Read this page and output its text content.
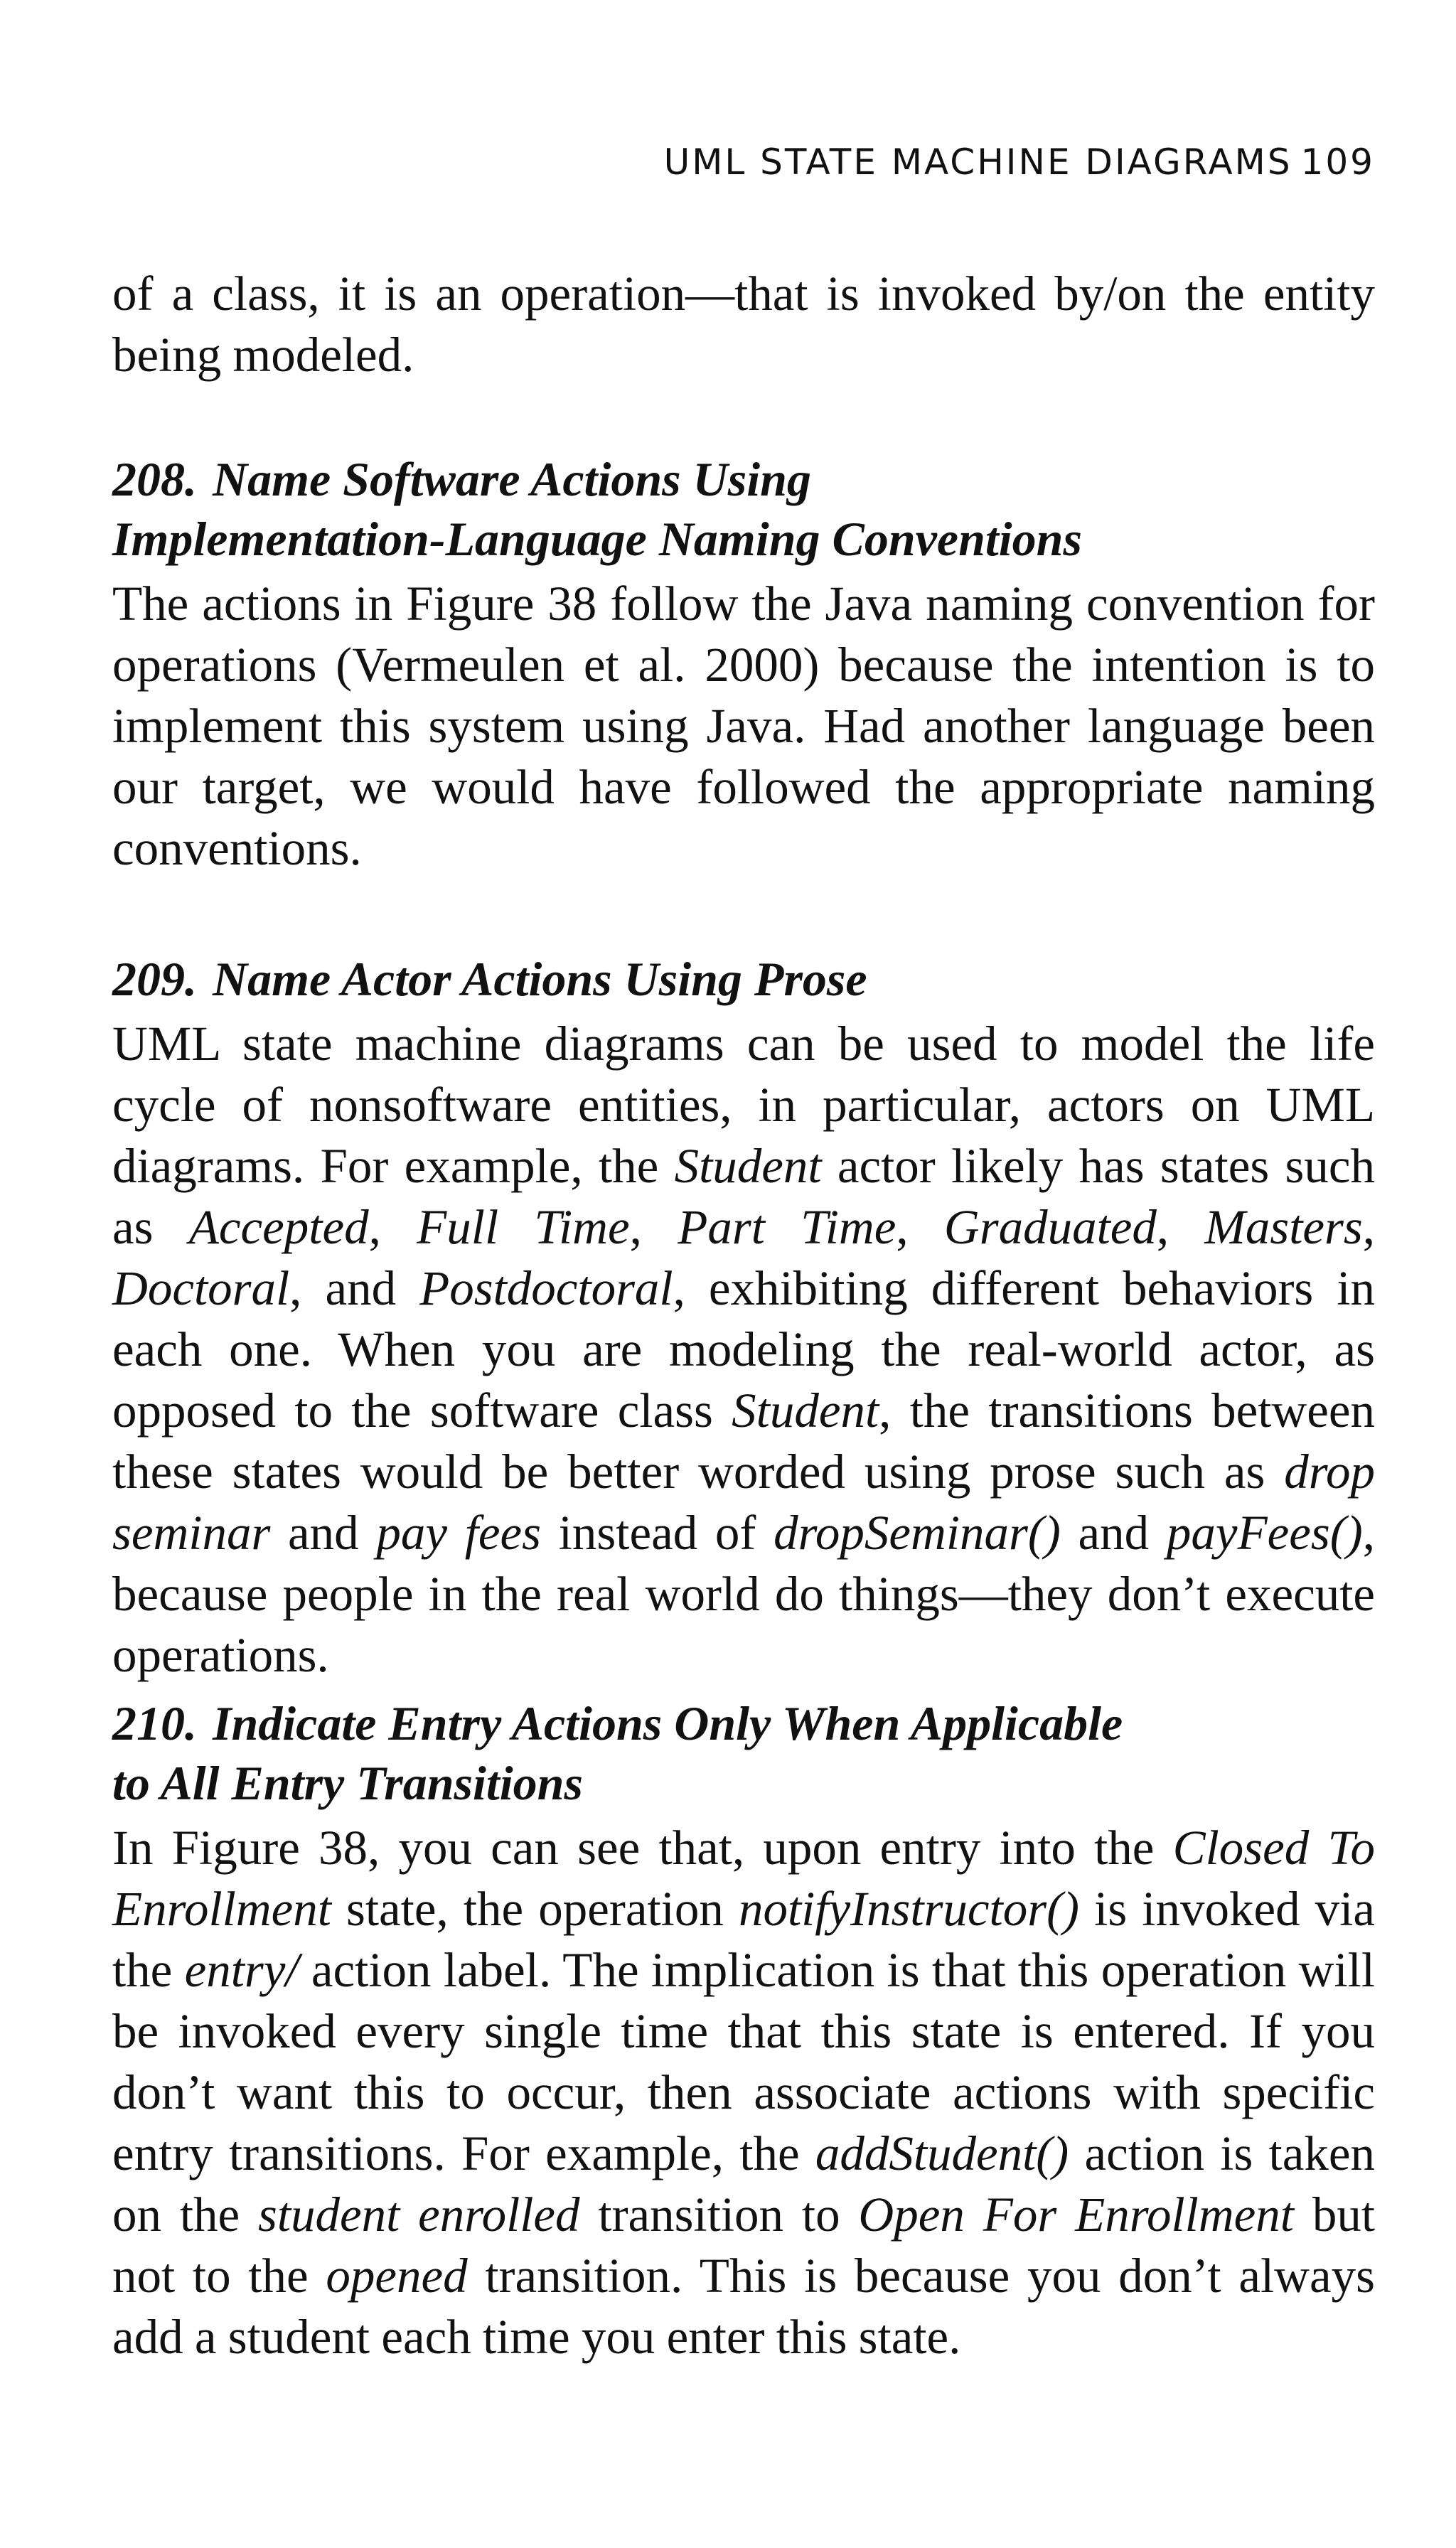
UML STATE MACHINE DIAGRAMS 109

of a class, it is an operation—that is invoked by/on the entity being modeled.

208. Name Software Actions Using
Implementation-Language Naming Conventions

The actions in Figure 38 follow the Java naming convention for operations (Vermeulen et al. 2000) because the intention is to implement this system using Java. Had another language been our target, we would have followed the appropriate naming conventions.

209. Name Actor Actions Using Prose

UML state machine diagrams can be used to model the life cycle of nonsoftware entities, in particular, actors on UML diagrams. For example, the Student actor likely has states such as Accepted, Full Time, Part Time, Graduated, Masters, Doctoral, and Postdoctoral, exhibiting different behaviors in each one. When you are modeling the real-world actor, as opposed to the software class Student, the transitions between these states would be better worded using prose such as drop seminar and pay fees instead of dropSeminar() and payFees(), because people in the real world do things—they don’t execute operations.

210. Indicate Entry Actions Only When Applicable
to All Entry Transitions

In Figure 38, you can see that, upon entry into the Closed To Enrollment state, the operation notifyInstructor() is invoked via the entry/ action label. The implication is that this operation will be invoked every single time that this state is entered. If you don’t want this to occur, then associate actions with specific entry transitions. For example, the addStudent() action is taken on the student enrolled transition to Open For Enrollment but not to the opened transition. This is because you don’t always add a student each time you enter this state.
